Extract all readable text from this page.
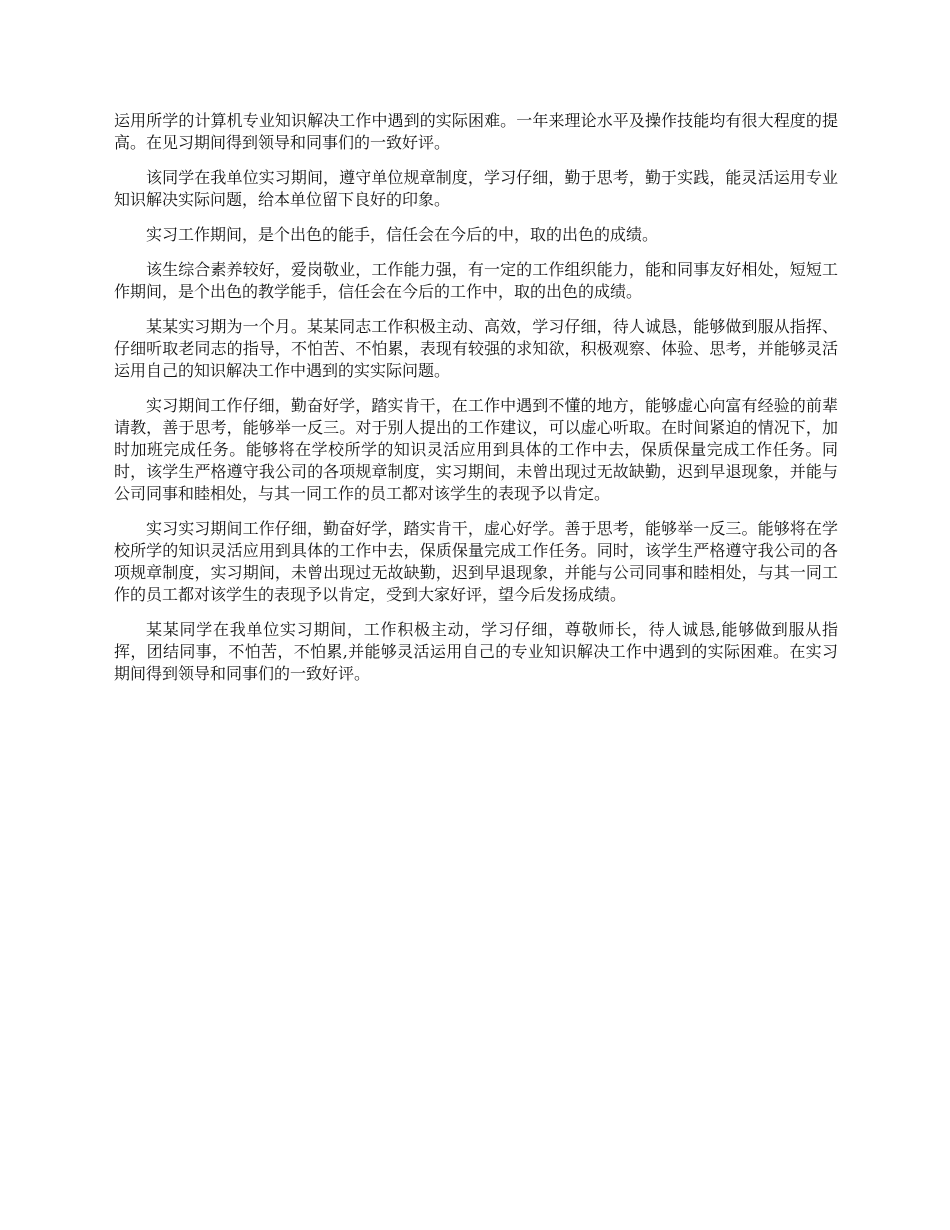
运用所学的计算机专业知识解决工作中遇到的实际困难。一年来理论水平及操作技能均有很大程度的提高。在见习期间得到领导和同事们的一致好评。

该同学在我单位实习期间，遵守单位规章制度，学习仔细，勤于思考，勤于实践，能灵活运用专业知识解决实际问题，给本单位留下良好的印象。

实习工作期间，是个出色的能手，信任会在今后的中，取的出色的成绩。

该生综合素养较好，爱岗敬业，工作能力强，有一定的工作组织能力，能和同事友好相处，短短工作期间，是个出色的教学能手，信任会在今后的工作中，取的出色的成绩。

某某实习期为一个月。某某同志工作积极主动、高效，学习仔细，待人诚恳，能够做到服从指挥、仔细听取老同志的指导，不怕苦、不怕累，表现有较强的求知欲，积极观察、体验、思考，并能够灵活运用自己的知识解决工作中遇到的实实际问题。

实习期间工作仔细，勤奋好学，踏实肯干，在工作中遇到不懂的地方，能够虚心向富有经验的前辈请教，善于思考，能够举一反三。对于别人提出的工作建议，可以虚心听取。在时间紧迫的情况下，加时加班完成任务。能够将在学校所学的知识灵活应用到具体的工作中去，保质保量完成工作任务。同时，该学生严格遵守我公司的各项规章制度，实习期间，未曾出现过无故缺勤，迟到早退现象，并能与公司同事和睦相处，与其一同工作的员工都对该学生的表现予以肯定。

实习实习期间工作仔细，勤奋好学，踏实肯干，虚心好学。善于思考，能够举一反三。能够将在学校所学的知识灵活应用到具体的工作中去，保质保量完成工作任务。同时，该学生严格遵守我公司的各项规章制度，实习期间，未曾出现过无故缺勤，迟到早退现象，并能与公司同事和睦相处，与其一同工作的员工都对该学生的表现予以肯定，受到大家好评，望今后发扬成绩。

某某同学在我单位实习期间，工作积极主动，学习仔细，尊敬师长，待人诚恳,能够做到服从指挥，团结同事，不怕苦，不怕累,并能够灵活运用自己的专业知识解决工作中遇到的实际困难。在实习期间得到领导和同事们的一致好评。
